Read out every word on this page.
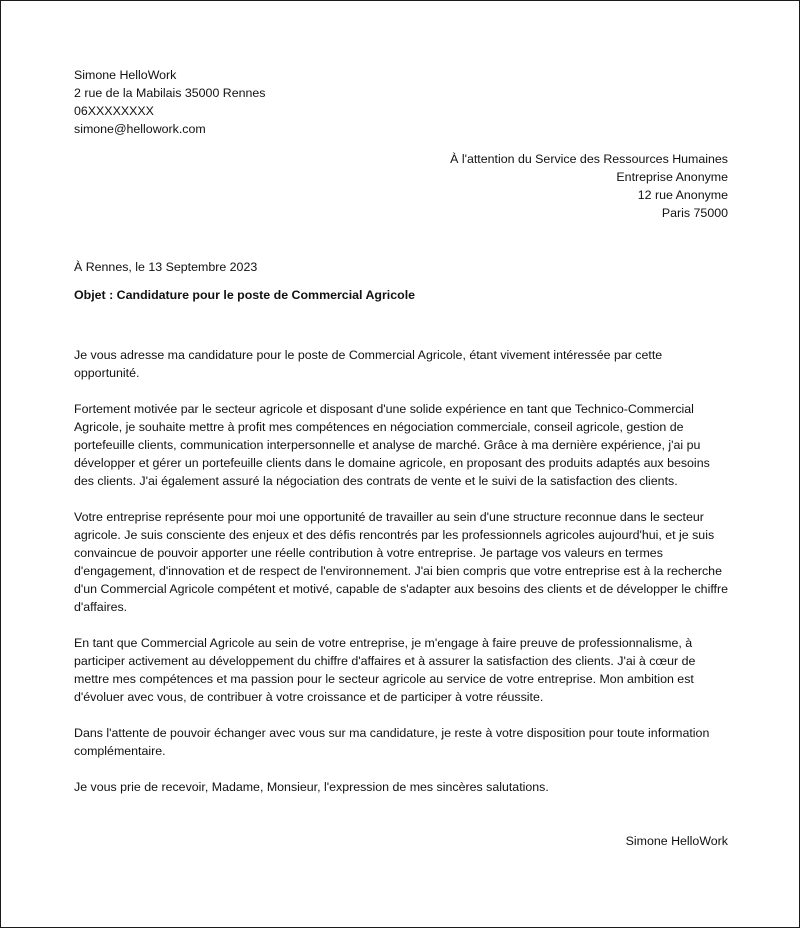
Simone HelloWork
2 rue de la Mabilais 35000 Rennes
06XXXXXXXX
simone@hellowork.com
À l'attention du Service des Ressources Humaines
Entreprise Anonyme
12 rue Anonyme
Paris 75000
À Rennes, le 13 Septembre 2023
Objet : Candidature pour le poste de Commercial Agricole

Je vous adresse ma candidature pour le poste de Commercial Agricole, étant vivement intéressée par cette opportunité.

Fortement motivée par le secteur agricole et disposant d'une solide expérience en tant que Technico-Commercial Agricole, je souhaite mettre à profit mes compétences en négociation commerciale, conseil agricole, gestion de portefeuille clients, communication interpersonnelle et analyse de marché. Grâce à ma dernière expérience, j'ai pu développer et gérer un portefeuille clients dans le domaine agricole, en proposant des produits adaptés aux besoins des clients. J'ai également assuré la négociation des contrats de vente et le suivi de la satisfaction des clients.

Votre entreprise représente pour moi une opportunité de travailler au sein d'une structure reconnue dans le secteur agricole. Je suis consciente des enjeux et des défis rencontrés par les professionnels agricoles aujourd'hui, et je suis convaincue de pouvoir apporter une réelle contribution à votre entreprise. Je partage vos valeurs en termes d'engagement, d'innovation et de respect de l'environnement. J'ai bien compris que votre entreprise est à la recherche d'un Commercial Agricole compétent et motivé, capable de s'adapter aux besoins des clients et de développer le chiffre d'affaires.

En tant que Commercial Agricole au sein de votre entreprise, je m'engage à faire preuve de professionnalisme, à participer activement au développement du chiffre d'affaires et à assurer la satisfaction des clients. J'ai à cœur de mettre mes compétences et ma passion pour le secteur agricole au service de votre entreprise. Mon ambition est d'évoluer avec vous, de contribuer à votre croissance et de participer à votre réussite.

Dans l'attente de pouvoir échanger avec vous sur ma candidature, je reste à votre disposition pour toute information complémentaire.

Je vous prie de recevoir, Madame, Monsieur, l'expression de mes sincères salutations.

Simone HelloWork
